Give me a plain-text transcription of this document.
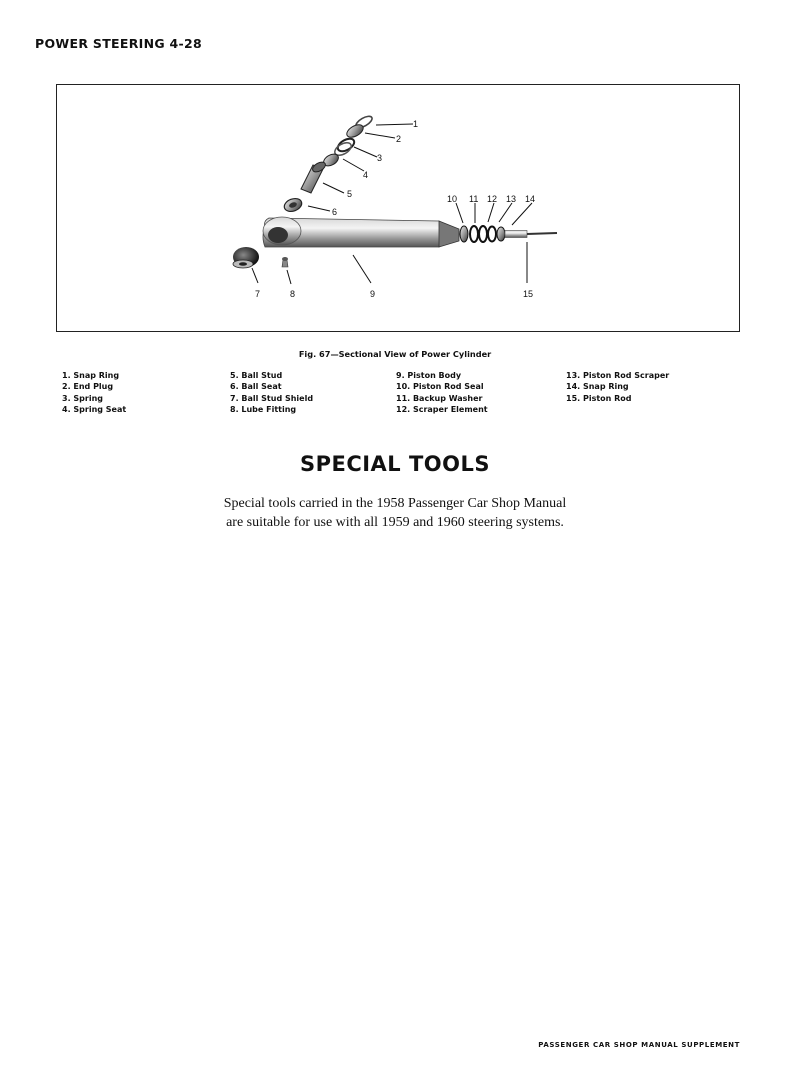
POWER STEERING 4-28
1
2
3
4
5
6
10 11 12 13 14
7	8	9	15
Fig. 67—Sectional View of Power Cylinder
1. Snap Ring
2. End Plug
3. Spring
4. Spring Seat
5. Ball Stud
6. Ball Seat
7. Ball Stud Shield
8. Lube Fitting
9. Piston Body
10. Piston Rod Seal
11. Backup Washer
12. Scraper Element
13. Piston Rod Scraper
14. Snap Ring
15. Piston Rod
SPECIAL TOOLS
Special tools carried in the 1958 Passenger Car Shop Manual
are suitable for use with all 1959 and 1960 steering systems.
PASSENGER CAR SHOP MANUAL SUPPLEMENT
